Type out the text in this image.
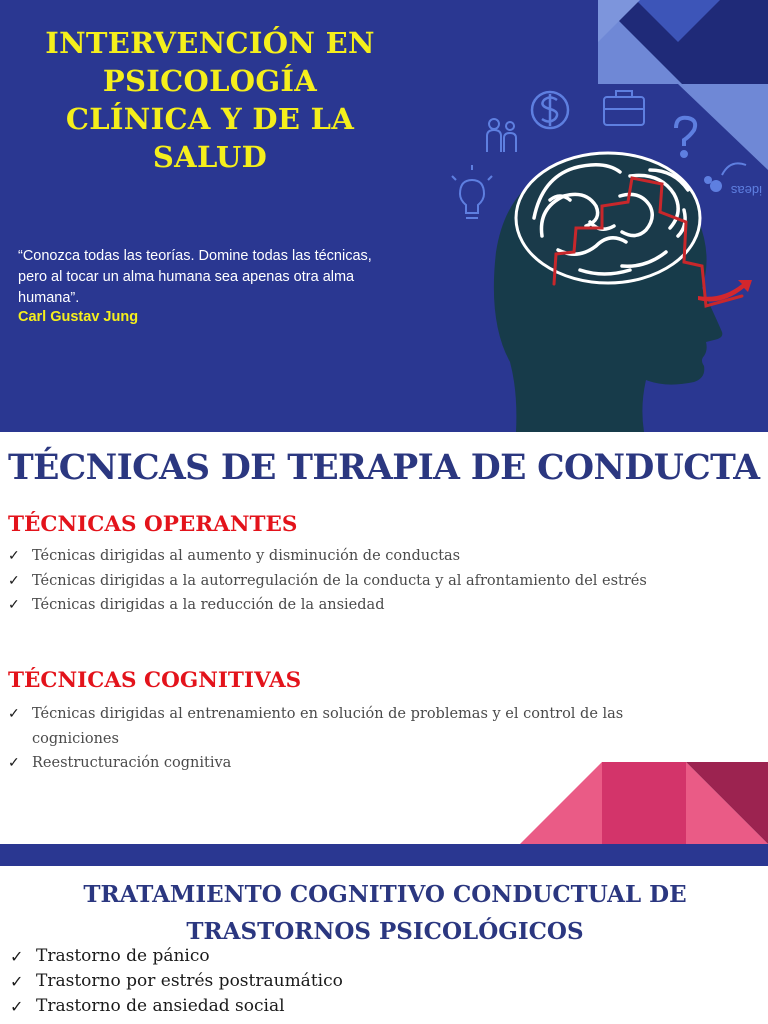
INTERVENCIÓN EN
PSICOLOGÍA
CLÍNICA Y DE LA
SALUD

“Conozca todas las teorías. Domine todas las técnicas, pero al tocar un alma humana sea apenas otra alma humana”.

Carl Gustav Jung

ideas
TÉCNICAS DE TERAPIA DE CONDUCTA
TÉCNICAS OPERANTES
✓ Técnicas dirigidas al aumento y disminución de conductas
✓ Técnicas dirigidas a la autorregulación de la conducta y al afrontamiento del estrés
✓ Técnicas dirigidas a la reducción de la ansiedad
TÉCNICAS COGNITIVAS
✓ Técnicas dirigidas al entrenamiento en solución de problemas y el control de las cogniciones
✓ Reestructuración cognitiva
TRATAMIENTO COGNITIVO CONDUCTUAL DE
TRASTORNOS PSICOLÓGICOS
✓ Trastorno de pánico
✓ Trastorno por estrés postraumático
✓ Trastorno de ansiedad social
